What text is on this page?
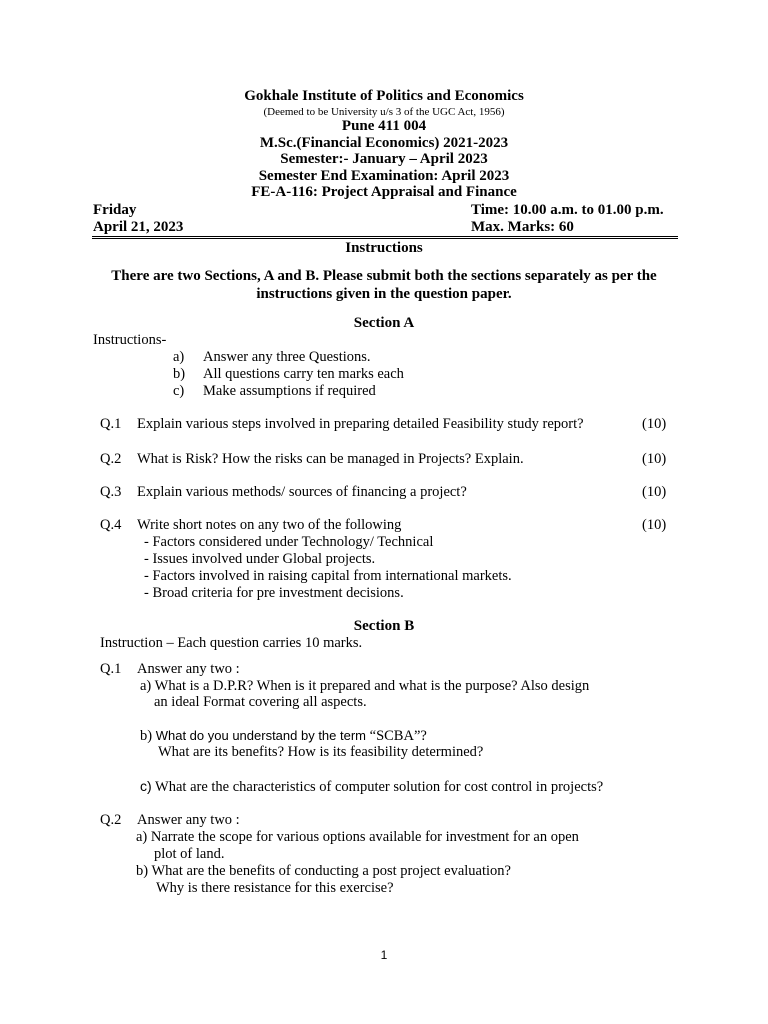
Gokhale Institute of Politics and Economics
(Deemed to be University u/s 3 of the UGC Act, 1956)
Pune 411 004
M.Sc.(Financial Economics) 2021-2023
Semester:- January – April 2023
Semester End Examination: April 2023
FE-A-116: Project Appraisal and Finance
Friday	Time: 10.00 a.m. to 01.00 p.m.
April 21, 2023	Max. Marks: 60
Instructions
There are two Sections, A and B. Please submit both the sections separately as per the
instructions given in the question paper.
Section A
Instructions-
a) Answer any three Questions.
b) All questions carry ten marks each
c) Make assumptions if required
Q.1 Explain various steps involved in preparing detailed Feasibility study report?	(10)
Q.2 What is Risk? How the risks can be managed in Projects? Explain.	(10)
Q.3 Explain various methods/ sources of financing a project?	(10)
Q.4 Write short notes on any two of the following	(10)
- Factors considered under Technology/ Technical
- Issues involved under Global projects.
- Factors involved in raising capital from international markets.
- Broad criteria for pre investment decisions.
Section B
Instruction – Each question carries 10 marks.
Q.1 Answer any two :
a) What is a D.P.R? When is it prepared and what is the purpose? Also design
an ideal Format covering all aspects.
b) What do you understand by the term “SCBA”?
What are its benefits? How is its feasibility determined?
c) What are the characteristics of computer solution for cost control in projects?
Q.2 Answer any two :
a) Narrate the scope for various options available for investment for an open
plot of land.
b) What are the benefits of conducting a post project evaluation?
Why is there resistance for this exercise?
1
